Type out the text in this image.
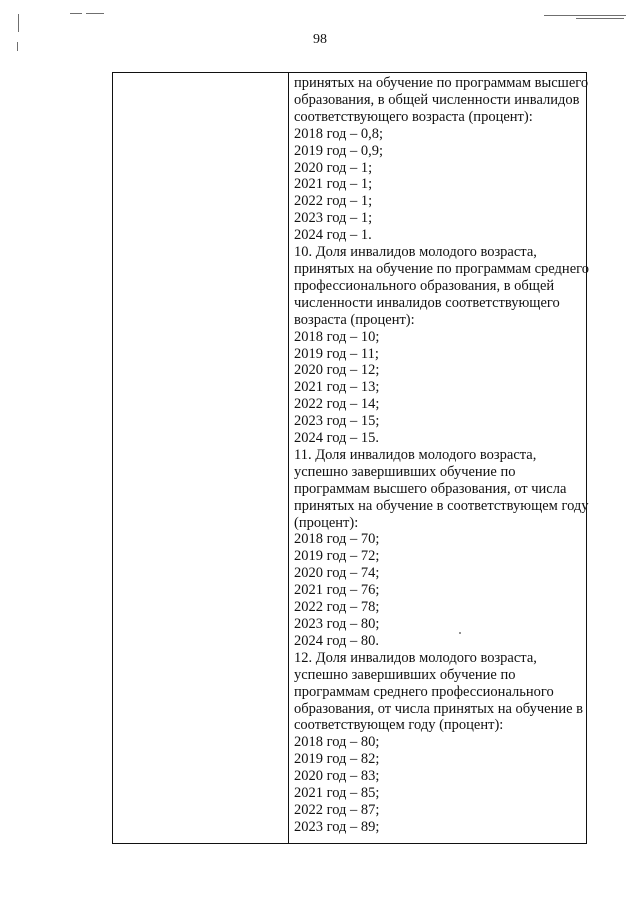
98
принятых на обучение по программам высшего
образования, в общей численности инвалидов
соответствующего возраста (процент):
2018 год – 0,8;
2019 год – 0,9;
2020 год – 1;
2021 год – 1;
2022 год – 1;
2023 год – 1;
2024 год – 1.
10. Доля инвалидов молодого возраста,
принятых на обучение по программам среднего
профессионального образования, в общей
численности инвалидов соответствующего
возраста (процент):
2018 год – 10;
2019 год – 11;
2020 год – 12;
2021 год – 13;
2022 год – 14;
2023 год – 15;
2024 год – 15.
11. Доля инвалидов молодого возраста,
успешно завершивших обучение по
программам высшего образования, от числа
принятых на обучение в соответствующем году
(процент):
2018 год – 70;
2019 год – 72;
2020 год – 74;
2021 год – 76;
2022 год – 78;
2023 год – 80;
2024 год – 80.
12. Доля инвалидов молодого возраста,
успешно завершивших обучение по
программам среднего профессионального
образования, от числа принятых на обучение в
соответствующем году (процент):
2018 год – 80;
2019 год – 82;
2020 год – 83;
2021 год – 85;
2022 год – 87;
2023 год – 89;
